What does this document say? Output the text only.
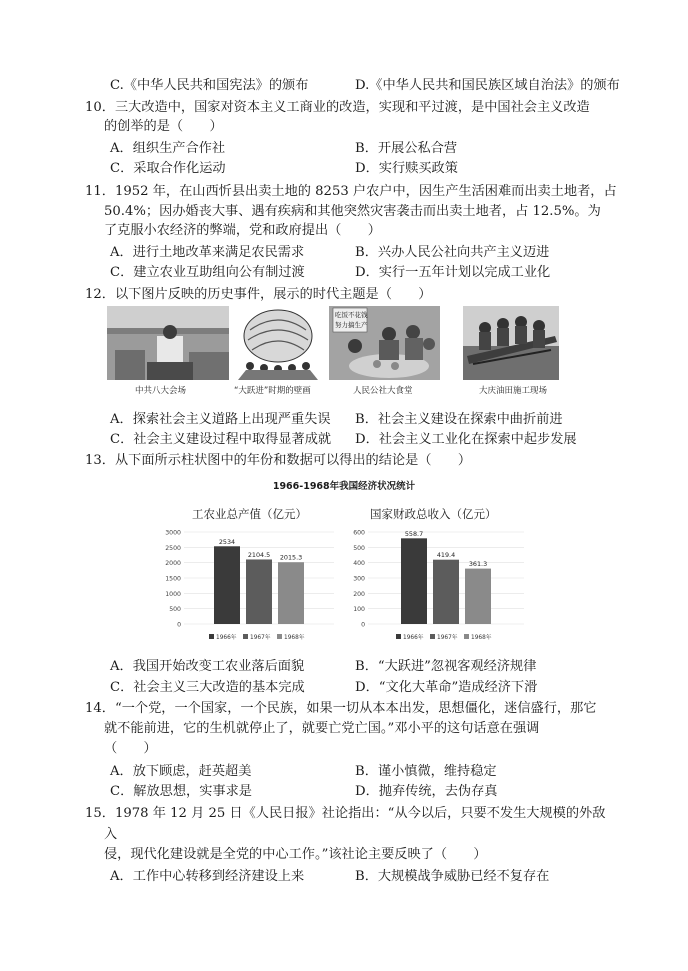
C.《中华人民共和国宪法》的颁布	D.《中华人民共和国民族区域自治法》的颁布
10．三大改造中，国家对资本主义工商业的改造，实现和平过渡，是中国社会主义改造
的创举的是（　　）
A．组织生产合作社	B．开展公私合营
C．采取合作化运动	D．实行赎买政策
11．1952 年，在山西忻县出卖土地的 8253 户农户中，因生产生活困难而出卖土地者，占
50.4%；因办婚丧大事、遇有疾病和其他突然灾害袭击而出卖土地者，占 12.5%。为
了克服小农经济的弊端，党和政府提出（　　）
A．进行土地改革来满足农民需求	B．兴办人民公社向共产主义迈进
C．建立农业互助组向公有制过渡	D．实行一五年计划以完成工业化
12．以下图片反映的历史事件，展示的时代主题是（　　）
中共八大会场	“大跃进”时期的壁画
吃饭不花钱
努力搞生产
人民公社大食堂	大庆油田施工现场
A．探索社会主义道路上出现严重失误 B．社会主义建设在探索中曲折前进
C．社会主义建设过程中取得显著成就 D．社会主义工业化在探索中起步发展
13．从下面所示柱状图中的年份和数据可以得出的结论是（　　）
1966-1968年我国经济状况统计
工农业总产值（亿元）	国家财政总收入（亿元）
0
500
1000
1500
2000
2500
3000
2534
2104.5 2015.3
1966年 1967年 1968年
0
100
200
300
400
500
600	558.7
419.4
361.3
1966年 1967年 1968年
A．我国开始改变工农业落后面貌	B．“大跃进”忽视客观经济规律
C．社会主义三大改造的基本完成	D．“文化大革命”造成经济下滑
14．“一个党，一个国家，一个民族，如果一切从本本出发，思想僵化，迷信盛行，那它
就不能前进，它的生机就停止了，就要亡党亡国。”邓小平的这句话意在强调
（　　）
A．放下顾虑，赶英超美	B．谨小慎微，维持稳定
C．解放思想，实事求是	D．抛弃传统，去伪存真
15．1978 年 12 月 25 日《人民日报》社论指出：“从今以后，只要不发生大规模的外敌
入
侵，现代化建设就是全党的中心工作。”该社论主要反映了（　　）
A．工作中心转移到经济建设上来	B．大规模战争威胁已经不复存在
